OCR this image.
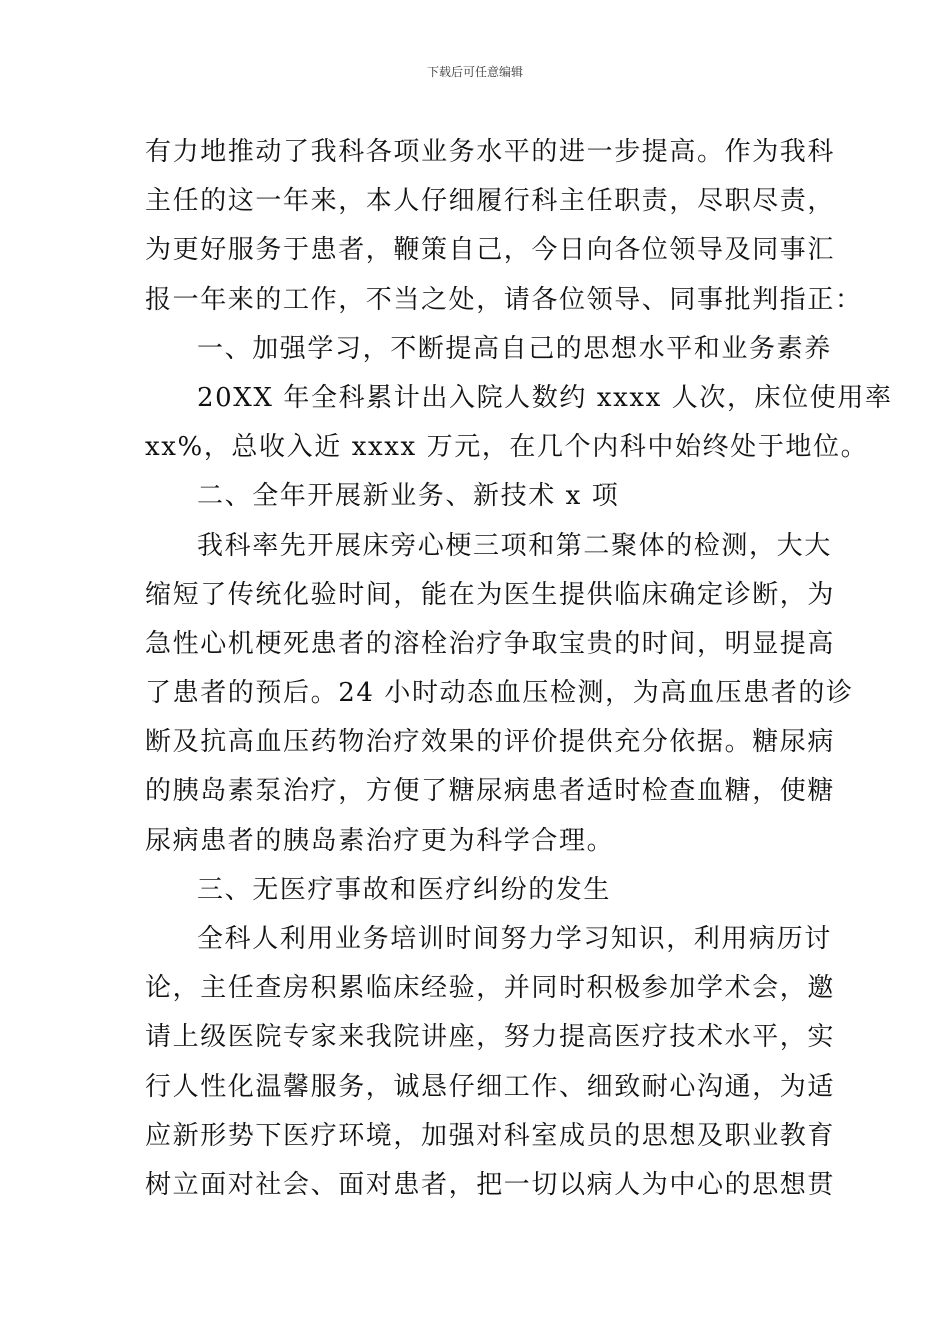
下载后可任意编辑
有力地推动了我科各项业务水平的进一步提高。作为我科
主任的这一年来，本人仔细履行科主任职责，尽职尽责，
为更好服务于患者，鞭策自己，今日向各位领导及同事汇
报一年来的工作，不当之处，请各位领导、同事批判指正：
一、加强学习，不断提高自己的思想水平和业务素养
20XX 年全科累计出入院人数约 xxxx 人次，床位使用率
xx%，总收入近 xxxx 万元，在几个内科中始终处于地位。
二、全年开展新业务、新技术 x 项
我科率先开展床旁心梗三项和第二聚体的检测，大大
缩短了传统化验时间，能在为医生提供临床确定诊断，为
急性心机梗死患者的溶栓治疗争取宝贵的时间，明显提高
了患者的预后。24 小时动态血压检测，为高血压患者的诊
断及抗高血压药物治疗效果的评价提供充分依据。糖尿病
的胰岛素泵治疗，方便了糖尿病患者适时检查血糖，使糖
尿病患者的胰岛素治疗更为科学合理。
三、无医疗事故和医疗纠纷的发生
全科人利用业务培训时间努力学习知识，利用病历讨
论，主任查房积累临床经验，并同时积极参加学术会，邀
请上级医院专家来我院讲座，努力提高医疗技术水平，实
行人性化温馨服务，诚恳仔细工作、细致耐心沟通，为适
应新形势下医疗环境，加强对科室成员的思想及职业教育
树立面对社会、面对患者，把一切以病人为中心的思想贯
